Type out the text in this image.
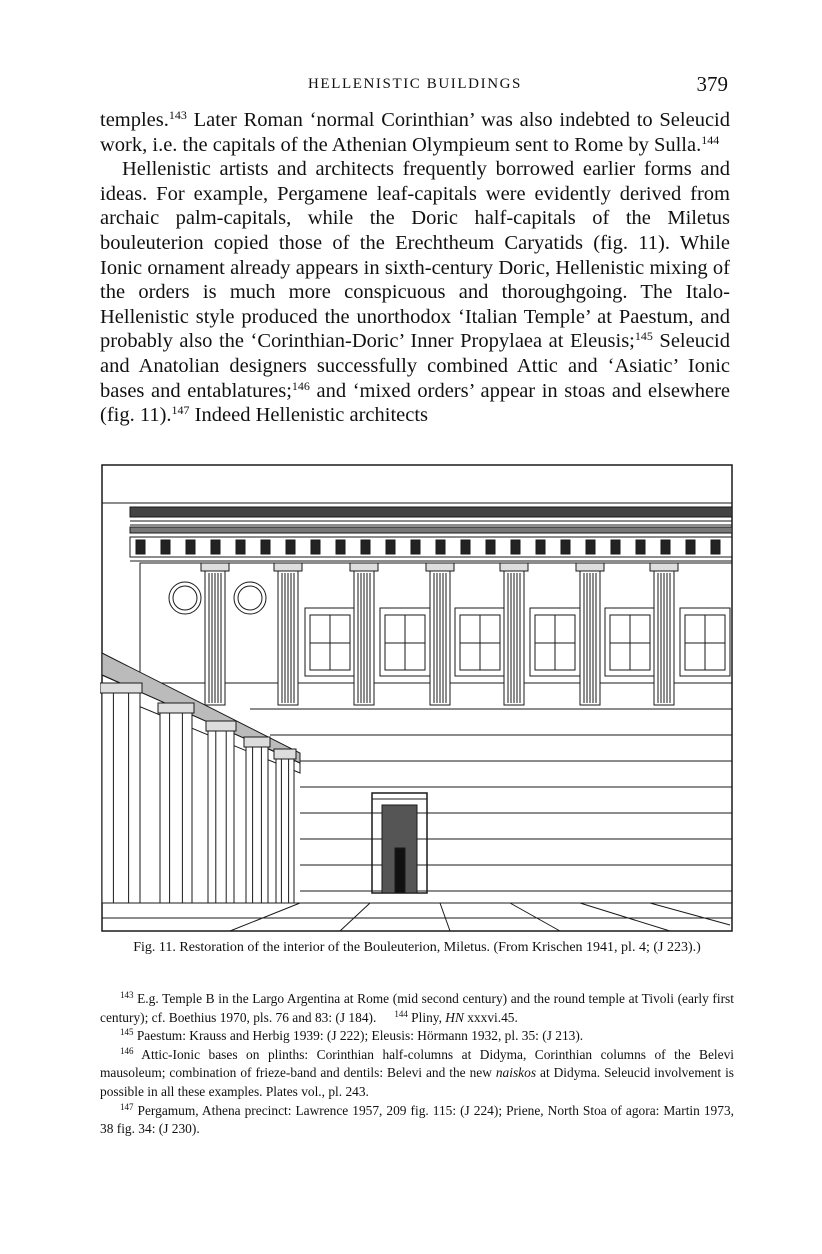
HELLENISTIC BUILDINGS	379

temples.$^{143}$ Later Roman ‘normal Corinthian’ was also indebted to Seleucid work, i.e. the capitals of the Athenian Olympieum sent to Rome by Sulla.$^{144}$

Hellenistic artists and architects frequently borrowed earlier forms and ideas. For example, Pergamene leaf-capitals were evidently derived from archaic palm-capitals, while the Doric half-capitals of the Miletus bouleuterion copied those of the Erechtheum Caryatids (fig. 11). While Ionic ornament already appears in sixth-century Doric, Hellenistic mixing of the orders is much more conspicuous and thoroughgoing. The Italo-Hellenistic style produced the unorthodox ‘Italian Temple’ at Paestum, and probably also the ‘Corinthian-Doric’ Inner Propylaea at Eleusis;$^{145}$ Seleucid and Anatolian designers successfully combined Attic and ‘Asiatic’ Ionic bases and entablatures;$^{146}$ and ‘mixed orders’ appear in stoas and elsewhere (fig. 11).$^{147}$ Indeed Hellenistic architects

Fig. 11. Restoration of the interior of the Bouleuterion, Miletus. (From Krischen 1941, pl. 4; (J 223).)

$^{143}$ E.g. Temple B in the Largo Argentina at Rome (mid second century) and the round temple at Tivoli (early first century); cf. Boethius 1970, pls. 76 and 83: (J 184). $^{144}$ Pliny, HN xxxvi.45.

$^{145}$ Paestum: Krauss and Herbig 1939: (J 222); Eleusis: Hörmann 1932, pl. 35: (J 213).

$^{146}$ Attic-Ionic bases on plinths: Corinthian half-columns at Didyma, Corinthian columns of the Belevi mausoleum; combination of frieze-band and dentils: Belevi and the new naiskos at Didyma. Seleucid involvement is possible in all these examples. Plates vol., pl. 243.

$^{147}$ Pergamum, Athena precinct: Lawrence 1957, 209 fig. 115: (J 224); Priene, North Stoa of agora: Martin 1973, 38 fig. 34: (J 230).
